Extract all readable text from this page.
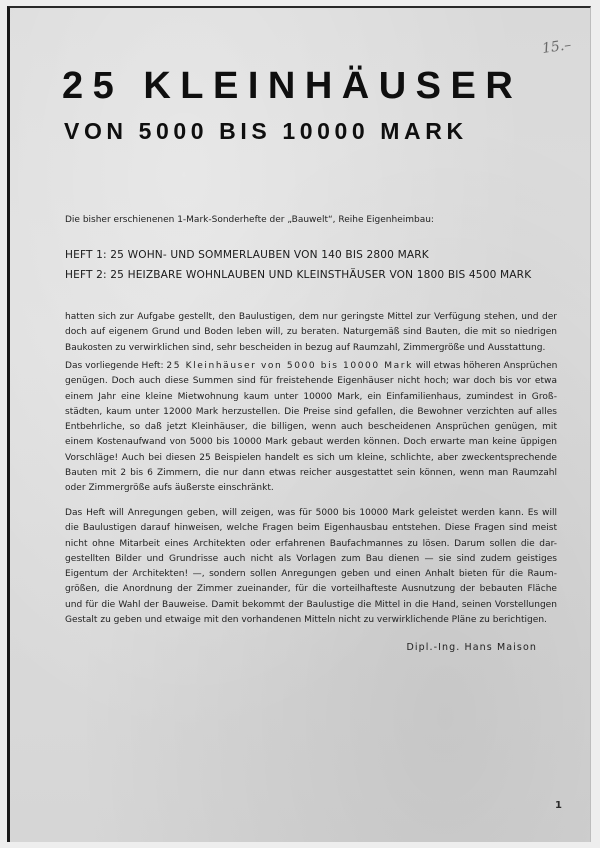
15.–
25 KLEINHÄUSER
VON 5000 BIS 10000 MARK
Die bisher erschienenen 1-Mark-Sonderhefte der „Bauwelt“, Reihe Eigenheimbau:
HEFT 1: 25 WOHN- UND SOMMERLAUBEN VON 140 BIS 2800 MARK
HEFT 2: 25 HEIZBARE WOHNLAUBEN UND KLEINSTHÄUSER VON 1800 BIS 4500 MARK
hatten sich zur Aufgabe gestellt, den Baulustigen, dem nur geringste Mittel zur Verfügung stehen, und der
doch auf eigenem Grund und Boden leben will, zu beraten. Naturgemäß sind Bauten, die mit so niedrigen
Baukosten zu verwirklichen sind, sehr bescheiden in bezug auf Raumzahl, Zimmergröße und Ausstattung.
Das vorliegende Heft: 25 Kleinhäuser von 5000 bis 10000 Mark will etwas höheren Ansprüchen
genügen. Doch auch diese Summen sind für freistehende Eigenhäuser nicht hoch; war doch bis vor etwa
einem Jahr eine kleine Mietwohnung kaum unter 10000 Mark, ein Einfamilienhaus, zumindest in Groß-
städten, kaum unter 12000 Mark herzustellen. Die Preise sind gefallen, die Bewohner verzichten auf alles
Entbehrliche, so daß jetzt Kleinhäuser, die billigen, wenn auch bescheidenen Ansprüchen genügen, mit
einem Kostenaufwand von 5000 bis 10000 Mark gebaut werden können. Doch erwarte man keine üppigen
Vorschläge! Auch bei diesen 25 Beispielen handelt es sich um kleine, schlichte, aber zweckentsprechende
Bauten mit 2 bis 6 Zimmern, die nur dann etwas reicher ausgestattet sein können, wenn man Raumzahl
oder Zimmergröße aufs äußerste einschränkt.
Das Heft will Anregungen geben, will zeigen, was für 5000 bis 10000 Mark geleistet werden kann. Es will
die Baulustigen darauf hinweisen, welche Fragen beim Eigenhausbau entstehen. Diese Fragen sind meist
nicht ohne Mitarbeit eines Architekten oder erfahrenen Baufachmannes zu lösen. Darum sollen die dar-
gestellten Bilder und Grundrisse auch nicht als Vorlagen zum Bau dienen — sie sind zudem geistiges
Eigentum der Architekten! —, sondern sollen Anregungen geben und einen Anhalt bieten für die Raum-
größen, die Anordnung der Zimmer zueinander, für die vorteilhafteste Ausnutzung der bebauten Fläche
und für die Wahl der Bauweise. Damit bekommt der Baulustige die Mittel in die Hand, seinen Vorstellungen
Gestalt zu geben und etwaige mit den vorhandenen Mitteln nicht zu verwirklichende Pläne zu berichtigen.
Dipl.-Ing. Hans Maison
1
